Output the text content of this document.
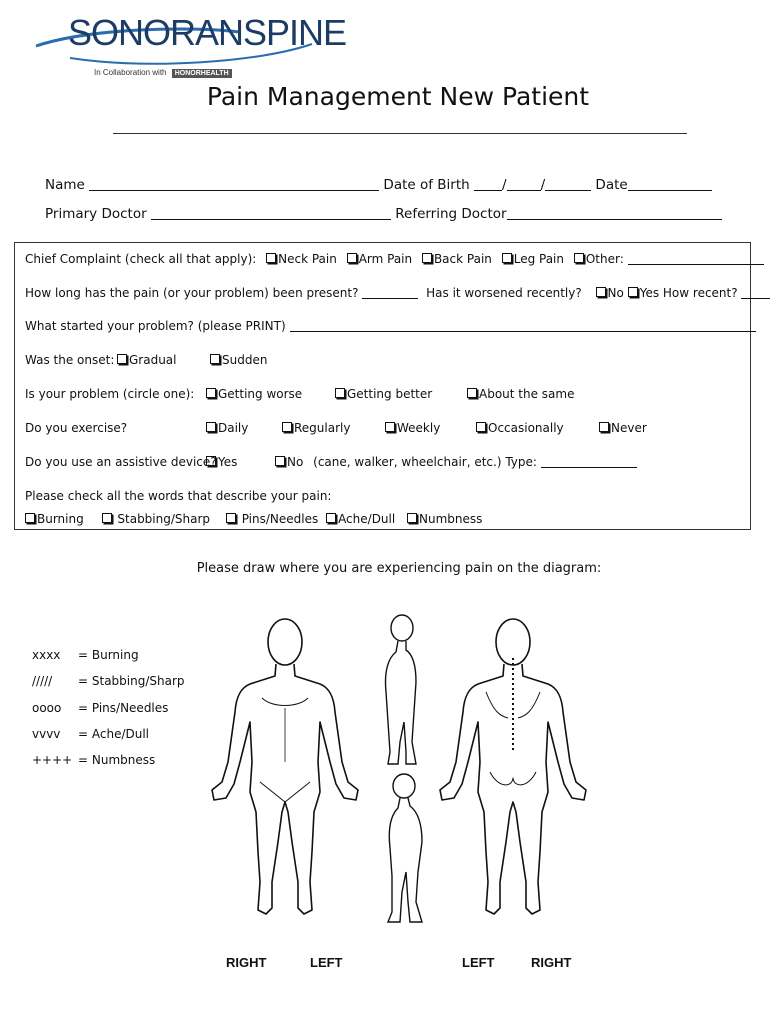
SONORANSPINE
In Collaboration with HONORHEALTH
Pain Management New Patient
Name	Date of Birth /	/	Date
Primary Doctor	Referring Doctor
Chief Complaint (check all that apply): Neck Pain Arm Pain Back Pain Leg Pain Other:
How long has the pain (or your problem) been present?	Has it worsened recently? No Yes How recent?
What started your problem? (please PRINT)
Was the onset:	Gradual	Sudden
Is your problem (circle one):	Getting worse	Getting better	About the same
Do you exercise?	Daily	Regularly	Weekly	Occasionally	Never
Do you use an assistive device? Yes	No (cane, walker, wheelchair, etc.) Type:
Please check all the words that describe your pain:
Burning	Stabbing/Sharp	Pins/Needles Ache/Dull Numbness
Please draw where you are experiencing pain on the diagram:
xxxx = Burning
///// = Stabbing/Sharp
oooo = Pins/Needles
vvvv = Ache/Dull
++++ = Numbness
RIGHT	LEFT	LEFT	RIGHT
